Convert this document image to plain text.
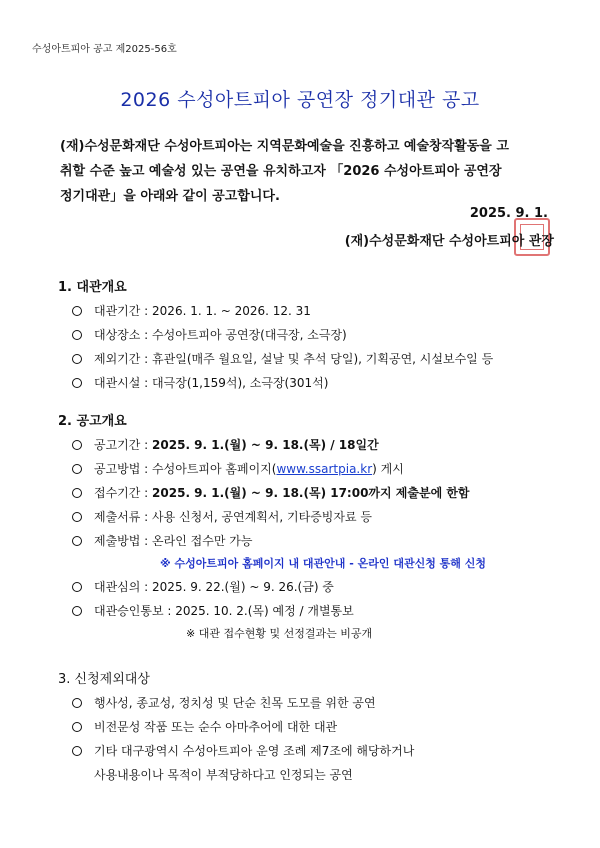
수성아트피아 공고 제2025-56호
2026 수성아트피아 공연장 정기대관 공고
(재)수성문화재단 수성아트피아는 지역문화예술을 진흥하고 예술창작활동을 고
취할 수준 높고 예술성 있는 공연을 유치하고자 「2026 수성아트피아 공연장
정기대관」을 아래와 같이 공고합니다.
2025. 9. 1.
(재)수성문화재단 수성아트피아 관장
1. 대관개요
대관기간 : 2026. 1. 1. ~ 2026. 12. 31
대상장소 : 수성아트피아 공연장(대극장, 소극장)
제외기간 : 휴관일(매주 월요일, 설날 및 추석 당일), 기획공연, 시설보수일 등
대관시설 : 대극장(1,159석), 소극장(301석)
2. 공고개요
공고기간 : 2025. 9. 1.(월) ~ 9. 18.(목) / 18일간
공고방법 : 수성아트피아 홈페이지(www.ssartpia.kr) 게시
접수기간 : 2025. 9. 1.(월) ~ 9. 18.(목) 17:00까지 제출분에 한함
제출서류 : 사용 신청서, 공연계획서, 기타증빙자료 등
제출방법 : 온라인 접수만 가능
※ 수성아트피아 홈페이지 내 대관안내 - 온라인 대관신청 통해 신청
대관심의 : 2025. 9. 22.(월) ~ 9. 26.(금) 중
대관승인통보 : 2025. 10. 2.(목) 예정 / 개별통보
※ 대관 접수현황 및 선정결과는 비공개
3. 신청제외대상
행사성, 종교성, 정치성 및 단순 친목 도모를 위한 공연
비전문성 작품 또는 순수 아마추어에 대한 대관
기타 대구광역시 수성아트피아 운영 조례 제7조에 해당하거나
사용내용이나 목적이 부적당하다고 인정되는 공연
